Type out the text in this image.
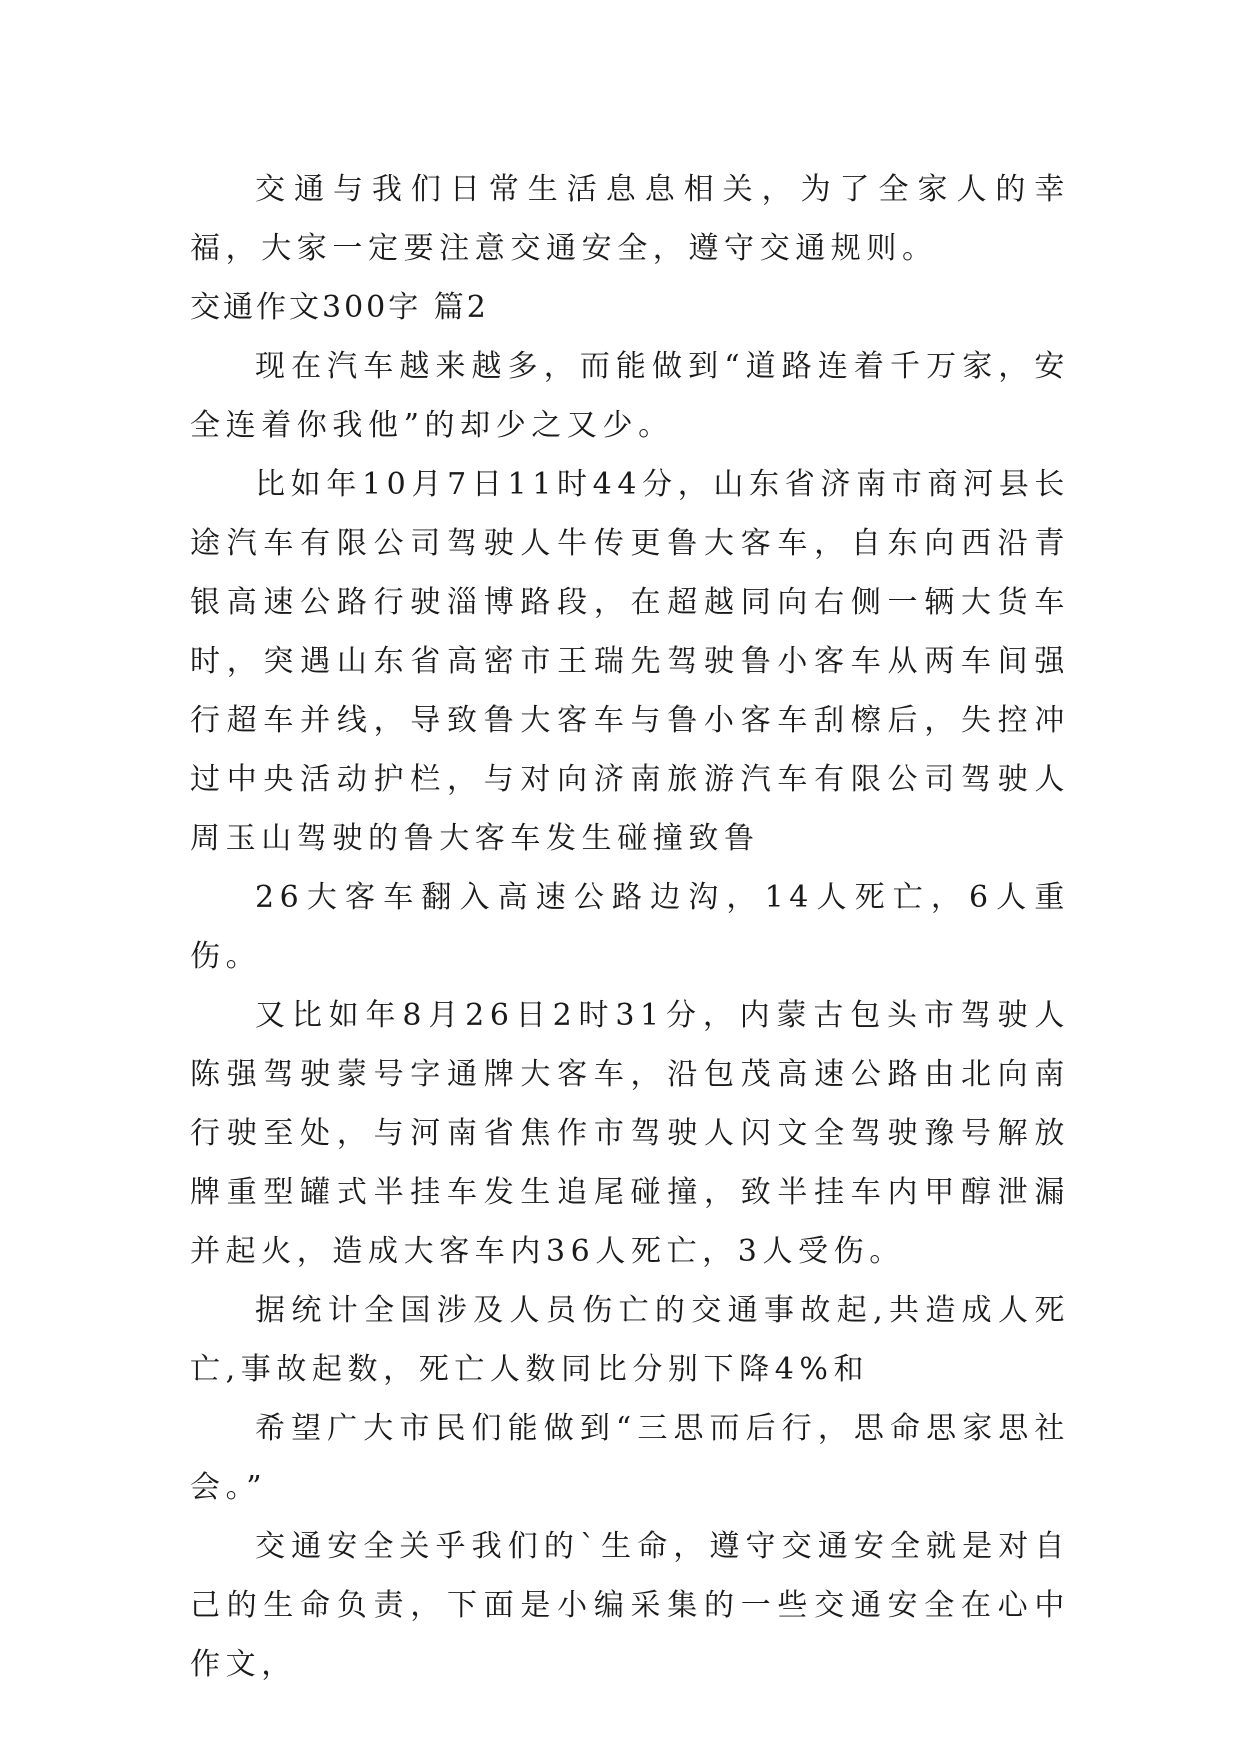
交通与我们日常生活息息相关，为了全家人的幸福，大家一定要注意交通安全，遵守交通规则。

交通作文300字 篇2

现在汽车越来越多，而能做到“道路连着千万家，安全连着你我他”的却少之又少。

比如年10月7日11时44分，山东省济南市商河县长途汽车有限公司驾驶人牛传更鲁大客车，自东向西沿青银高速公路行驶淄博路段，在超越同向右侧一辆大货车时，突遇山东省高密市王瑞先驾驶鲁小客车从两车间强行超车并线，导致鲁大客车与鲁小客车刮檫后，失控冲过中央活动护栏，与对向济南旅游汽车有限公司驾驶人周玉山驾驶的鲁大客车发生碰撞致鲁

26大客车翻入高速公路边沟，14人死亡，6人重伤。

又比如年8月26日2时31分，内蒙古包头市驾驶人陈强驾驶蒙号字通牌大客车，沿包茂高速公路由北向南行驶至处，与河南省焦作市驾驶人闪文全驾驶豫号解放牌重型罐式半挂车发生追尾碰撞，致半挂车内甲醇泄漏并起火，造成大客车内36人死亡，3人受伤。

据统计全国涉及人员伤亡的交通事故起,共造成人死亡,事故起数，死亡人数同比分别下降4%和

希望广大市民们能做到“三思而后行，思命思家思社会。”

交通安全关乎我们的`生命，遵守交通安全就是对自己的生命负责，下面是小编采集的一些交通安全在心中作文，
